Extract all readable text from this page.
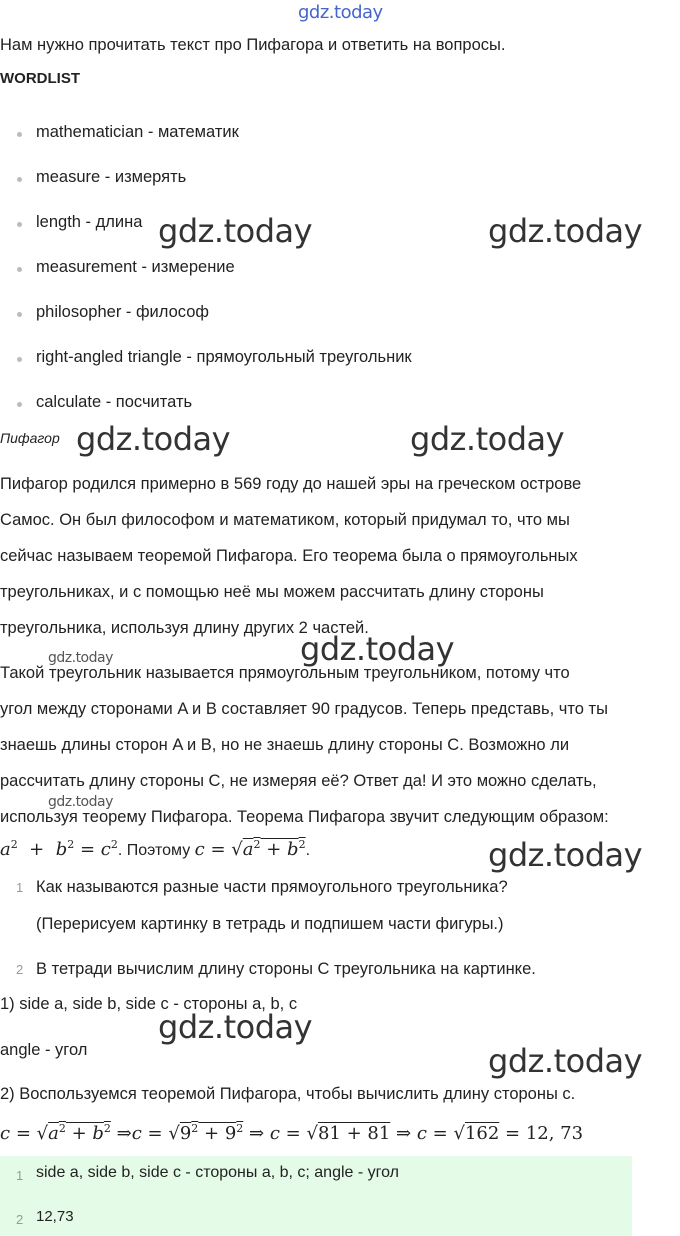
gdz.today
Нам нужно прочитать текст про Пифагора и ответить на вопросы.
WORDLIST
mathematician - математик
measure - измерять
length - длина
measurement - измерение
philosopher - философ
right-angled triangle - прямоугольный треугольник
calculate - посчитать
gdz.today	gdz.today
Пифагор gdz.today	gdz.today
Пифагор родился примерно в 569 году до нашей эры на греческом острове
Самос. Он был философом и математиком, который придумал то, что мы
сейчас называем теоремой Пифагора. Его теорема была о прямоугольных
треугольниках, и с помощью неё мы можем рассчитать длину стороны
треугольника, используя длину других 2 частей.
gdz.today
gdz.today
Такой треугольник называется прямоугольным треугольником, потому что
угол между сторонами A и B составляет 90 градусов. Теперь представь, что ты
знаешь длины сторон A и B, но не знаешь длину стороны C. Возможно ли
рассчитать длину стороны C, не измеряя её? Ответ да! И это можно сделать,
используя теорему Пифагора. Теорема Пифагора звучит следующим образом:
gdz.today
$a^2 + b^2 = c^2$. Поэтому $c = √a^2 + b^2$.	gdz.today
1 Как называются разные части прямоугольного треугольника?
(Перерисуем картинку в тетрадь и подпишем части фигуры.)
2 В тетради вычислим длину стороны C треугольника на картинке.
1) side a, side b, side c - стороны a, b, c
gdz.today
angle - угол	gdz.today
2) Воспользуемся теоремой Пифагора, чтобы вычислить длину стороны c.
$c = √a^2 + b^2$ ⇒c = $√9^2 + 9^2$ ⇒ c = √81 + 81 ⇒ c = √162 = 12, 73
1 side a, side b, side c - стороны a, b, c; angle - угол
2 12,73
